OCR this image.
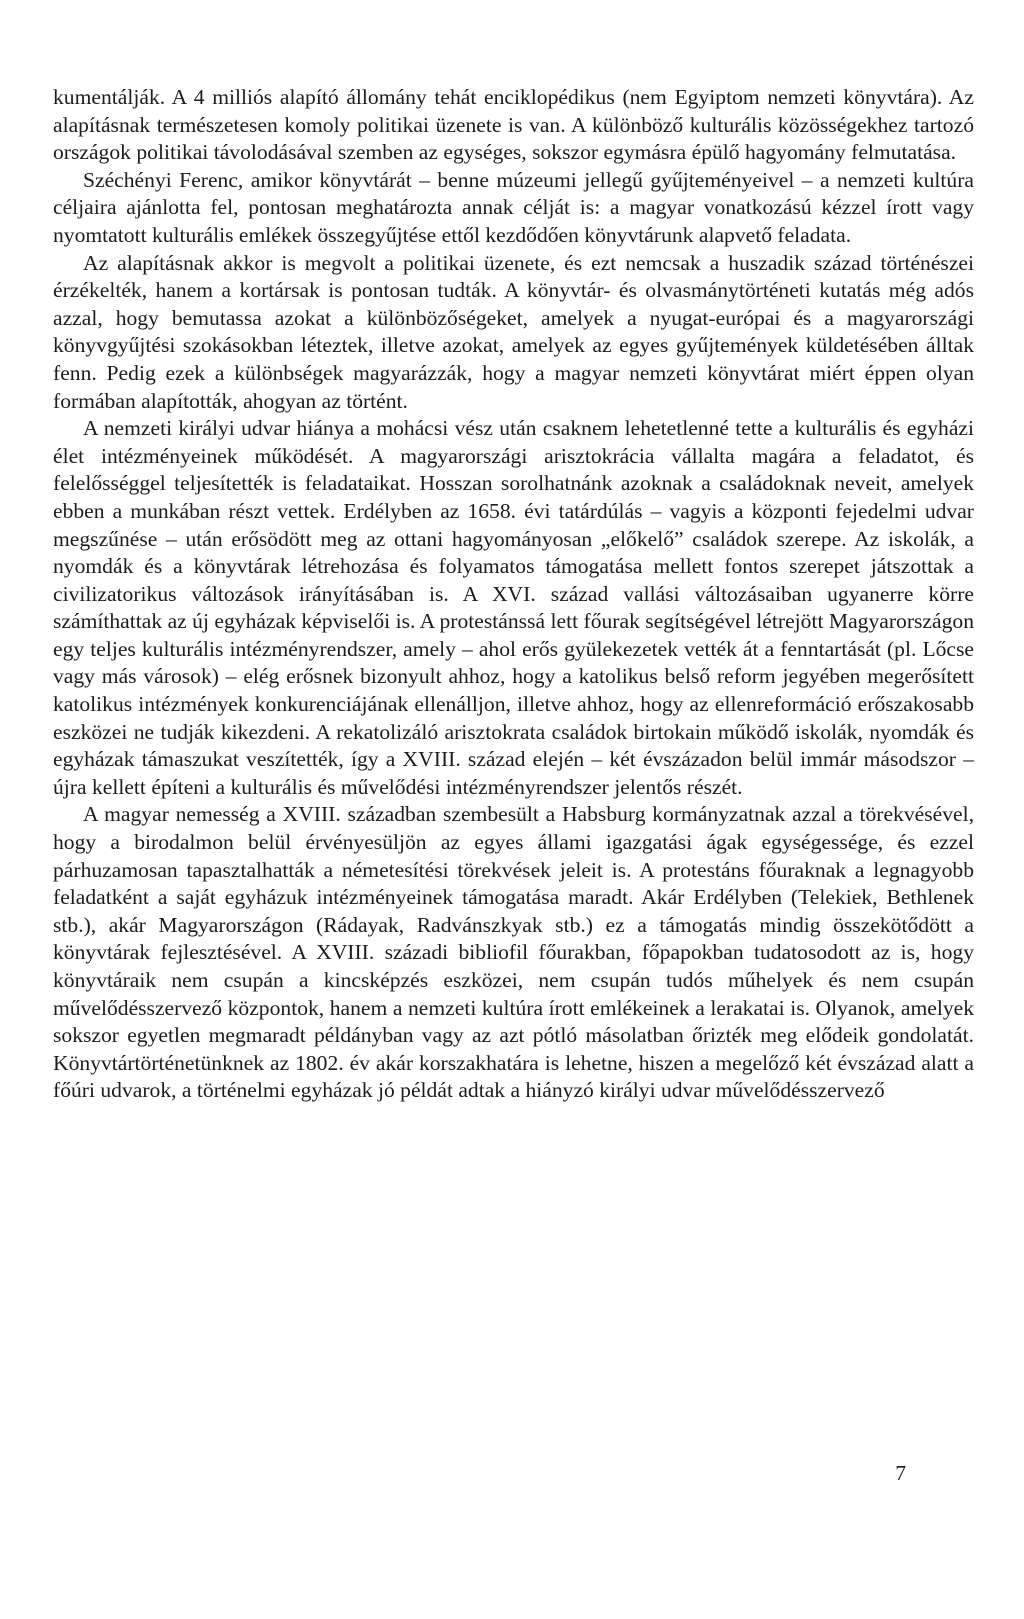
kumentálják. A 4 milliós alapító állomány tehát enciklopédikus (nem Egyiptom nemzeti könyvtára). Az alapításnak természetesen komoly politikai üzenete is van. A különböző kulturális közösségekhez tartozó országok politikai távolodásával szemben az egységes, sokszor egymásra épülő hagyomány felmutatása.

Széchényi Ferenc, amikor könyvtárát – benne múzeumi jellegű gyűjteményeivel – a nemzeti kultúra céljaira ajánlotta fel, pontosan meghatározta annak célját is: a magyar vonatkozású kézzel írott vagy nyomtatott kulturális emlékek összegyűjtése ettől kezdődően könyvtárunk alapvető feladata.

Az alapításnak akkor is megvolt a politikai üzenete, és ezt nemcsak a huszadik század történészei érzékelték, hanem a kortársak is pontosan tudták. A könyvtár- és olvasmánytörténeti kutatás még adós azzal, hogy bemutassa azokat a különbözőségeket, amelyek a nyugat-európai és a magyarországi könyvgyűjtési szokásokban léteztek, illetve azokat, amelyek az egyes gyűjtemények küldetésében álltak fenn. Pedig ezek a különbségek magyarázzák, hogy a magyar nemzeti könyvtárat miért éppen olyan formában alapították, ahogyan az történt.

A nemzeti királyi udvar hiánya a mohácsi vész után csaknem lehetetlenné tette a kulturális és egyházi élet intézményeinek működését. A magyarországi arisztokrácia vállalta magára a feladatot, és felelősséggel teljesítették is feladataikat. Hosszan sorolhatnánk azoknak a családoknak neveit, amelyek ebben a munkában részt vettek. Erdélyben az 1658. évi tatárdúlás – vagyis a központi fejedelmi udvar megszűnése – után erősödött meg az ottani hagyományosan „előkelő” családok szerepe. Az iskolák, a nyomdák és a könyvtárak létrehozása és folyamatos támogatása mellett fontos szerepet játszottak a civilizatorikus változások irányításában is. A XVI. század vallási változásaiban ugyanerre körre számíthattak az új egyházak képviselői is. A protestánssá lett főurak segítségével létrejött Magyarországon egy teljes kulturális intézményrendszer, amely – ahol erős gyülekezetek vették át a fenntartását (pl. Lőcse vagy más városok) – elég erősnek bizonyult ahhoz, hogy a katolikus belső reform jegyében megerősített katolikus intézmények konkurenciájának ellenálljon, illetve ahhoz, hogy az ellenreformáció erőszakosabb eszközei ne tudják kikezdeni. A rekatolizáló arisztokrata családok birtokain működő iskolák, nyomdák és egyházak támaszukat veszítették, így a XVIII. század elején – két évszázadon belül immár másodszor – újra kellett építeni a kulturális és művelődési intézményrendszer jelentős részét.

A magyar nemesség a XVIII. században szembesült a Habsburg kormányzatnak azzal a törekvésével, hogy a birodalmon belül érvényesüljön az egyes állami igazgatási ágak egységessége, és ezzel párhuzamosan tapasztalhatták a németеsítési törekvések jeleit is. A protestáns főuraknak a legnagyobb feladatként a saját egyházuk intézményeinek támogatása maradt. Akár Erdélyben (Telekiek, Bethlenek stb.), akár Magyarországon (Rádayak, Radvánszkyak stb.) ez a támogatás mindig összekötődött a könyvtárak fejlesztésével. A XVIII. századi bibliofil főurakban, főpapokban tudatosodott az is, hogy könyvtáraik nem csupán a kincsképzés eszközei, nem csupán tudós műhelyek és nem csupán művelődésszervező központok, hanem a nemzeti kultúra írott emlékeinek a lerakatai is. Olyanok, amelyek sokszor egyetlen megmaradt példányban vagy az azt pótló másolatban őrizték meg elődeik gondolatát. Könyvtártörténetünknek az 1802. év akár korszakhatára is lehetne, hiszen a megelőző két évszázad alatt a főúri udvarok, a történelmi egyházak jó példát adtak a hiányzó királyi udvar művelődésszervező

7
